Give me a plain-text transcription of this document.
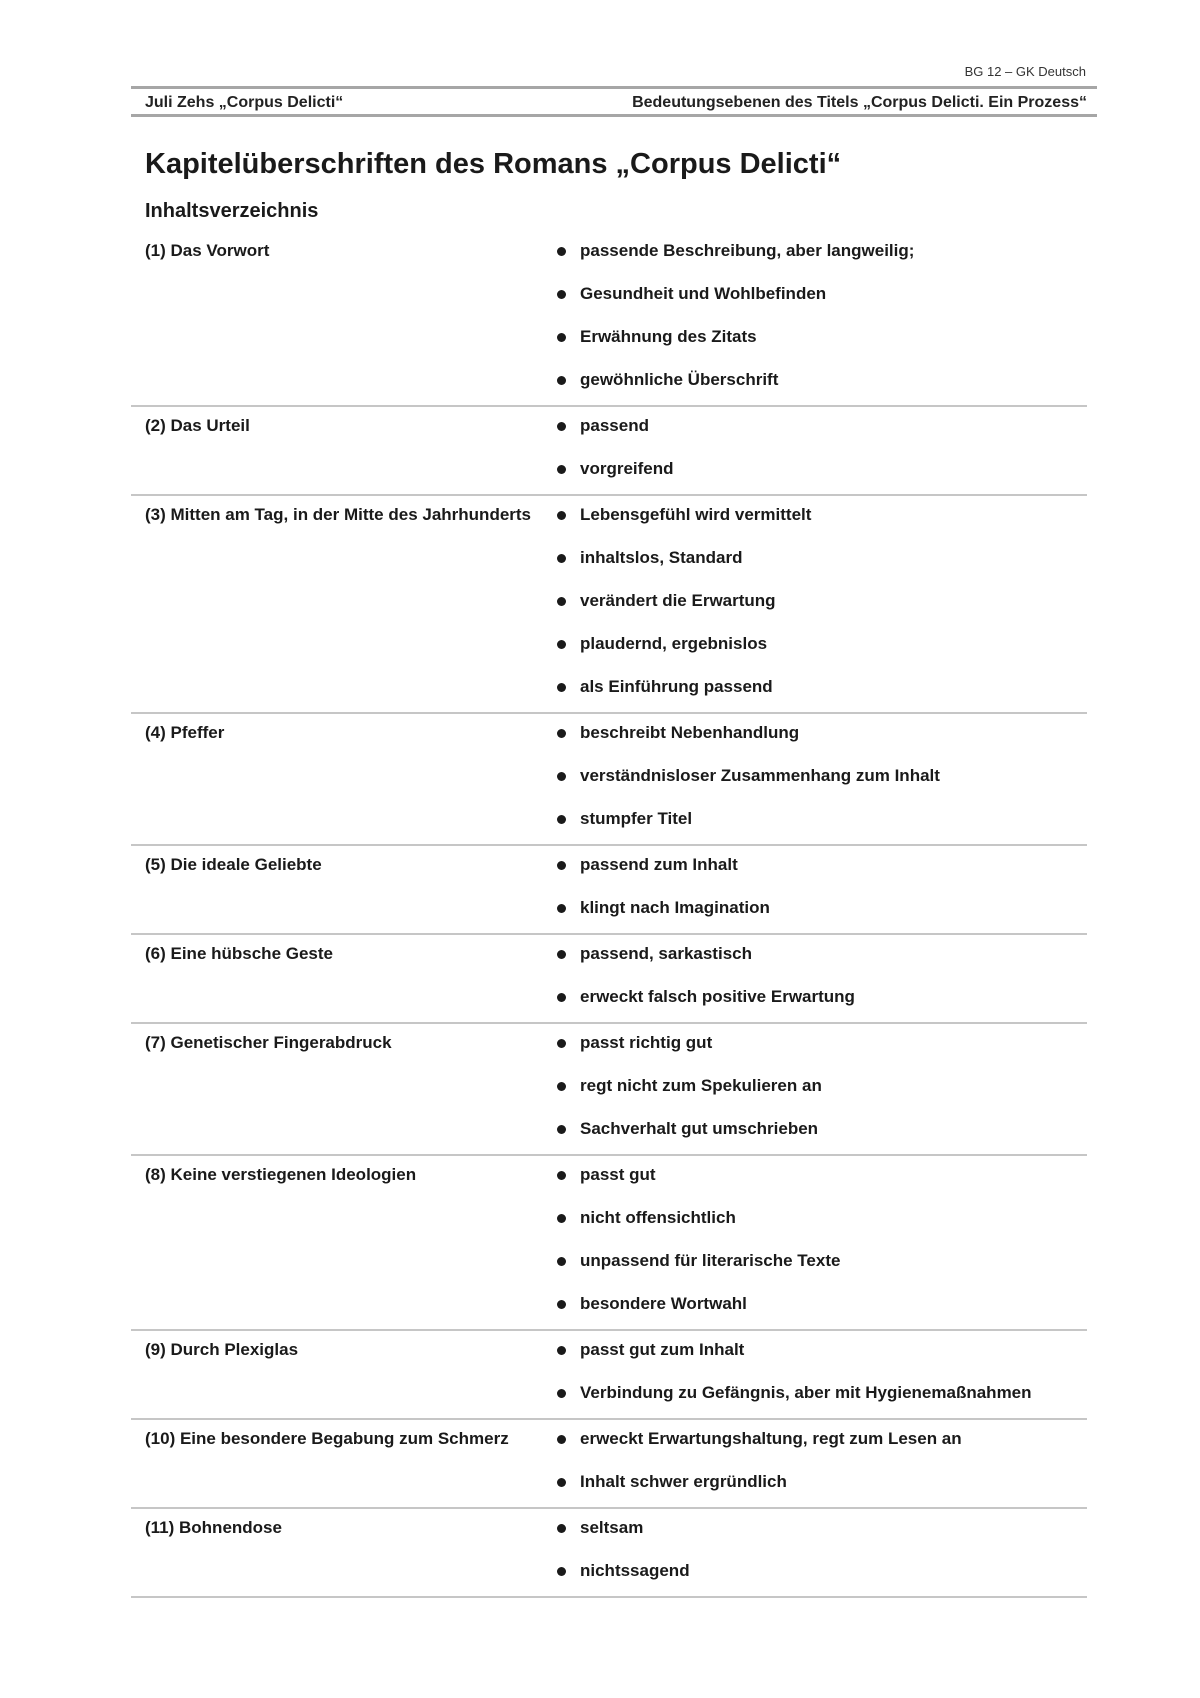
BG 12 – GK Deutsch
Juli Zehs „Corpus Delicti“	Bedeutungsebenen des Titels „Corpus Delicti. Ein Prozess“
Kapitelüberschriften des Romans „Corpus Delicti“
Inhaltsverzeichnis
(1) Das Vorwort	passende Beschreibung, aber langweilig;
Gesundheit und Wohlbefinden
Erwähnung des Zitats
gewöhnliche Überschrift
(2) Das Urteil	passend
vorgreifend
(3) Mitten am Tag, in der Mitte des Jahrhunderts	Lebensgefühl wird vermittelt
inhaltslos, Standard
verändert die Erwartung
plaudernd, ergebnislos
als Einführung passend
(4) Pfeffer	beschreibt Nebenhandlung
verständnisloser Zusammenhang zum Inhalt
stumpfer Titel
(5) Die ideale Geliebte	passend zum Inhalt
klingt nach Imagination
(6) Eine hübsche Geste	passend, sarkastisch
erweckt falsch positive Erwartung
(7) Genetischer Fingerabdruck	passt richtig gut
regt nicht zum Spekulieren an
Sachverhalt gut umschrieben
(8) Keine verstiegenen Ideologien	passt gut
nicht offensichtlich
unpassend für literarische Texte
besondere Wortwahl
(9) Durch Plexiglas	passt gut zum Inhalt
Verbindung zu Gefängnis, aber mit Hygienemaßnahmen
(10) Eine besondere Begabung zum Schmerz	erweckt Erwartungshaltung, regt zum Lesen an
Inhalt schwer ergründlich
(11) Bohnendose	seltsam
nichtssagend
